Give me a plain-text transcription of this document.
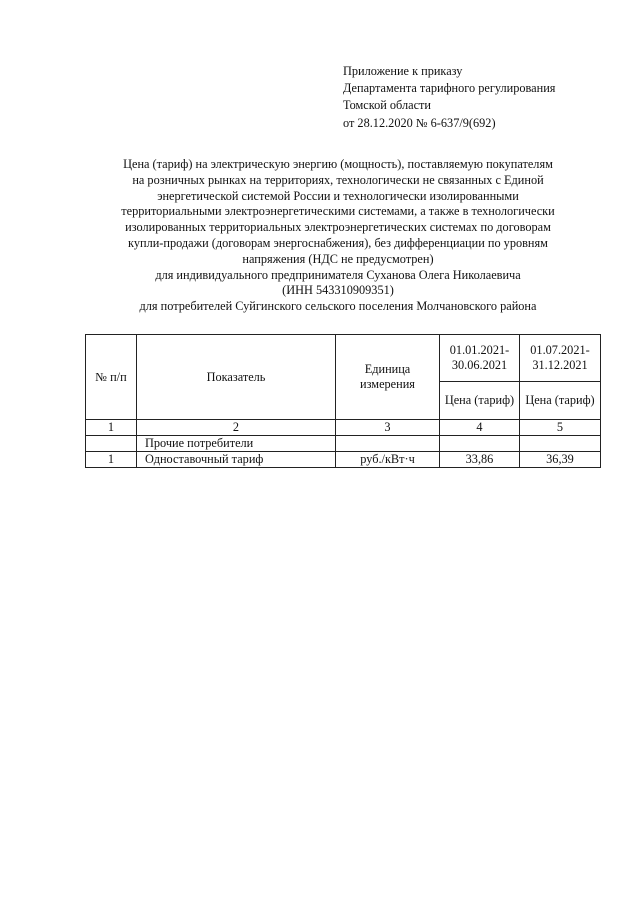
Приложение к приказу
Департамента тарифного регулирования
Томской области
от 28.12.2020 № 6-637/9(692)
Цена (тариф) на электрическую энергию (мощность), поставляемую покупателям
на розничных рынках на территориях, технологически не связанных с Единой
энергетической системой России и технологически изолированными
территориальными электроэнергетическими системами, а также в технологически
изолированных территориальных электроэнергетических системах по договорам
купли-продажи (договорам энергоснабжения), без дифференциации по уровням
напряжения (НДС не предусмотрен)
для индивидуального предпринимателя Суханова Олега Николаевича
(ИНН 543310909351)
для потребителей Суйгинского сельского поселения Молчановского района
№ п/п	Показатель	Единица измерения	01.01.2021-30.06.2021	01.07.2021-31.12.2021
			Цена (тариф)	Цена (тариф)
1	2	3	4	5
	Прочие потребители			
1	Одноставочный тариф	руб./кВт·ч	33,86	36,39
